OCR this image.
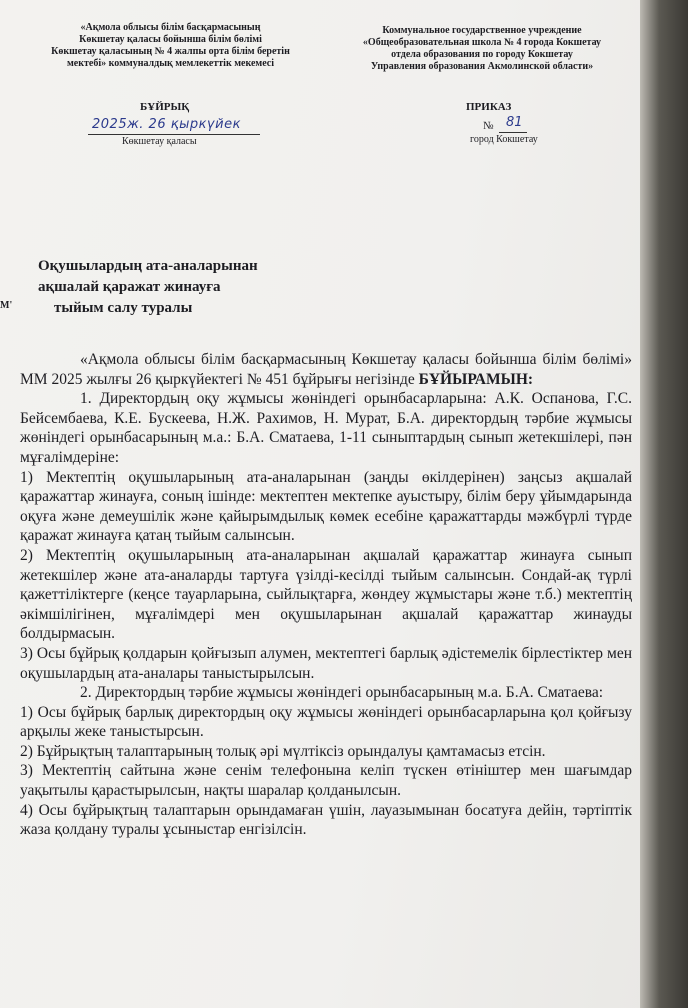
«Ақмола облысы білім басқармасының
Көкшетау қаласы бойынша білім бөлімі
Көкшетау қаласының № 4 жалпы орта білім беретін
мектебі» коммуналдық мемлекеттік мекемесі
Коммунальное государственное учреждение
«Общеобразовательная школа № 4 города Кокшетау
отдела образования по городу Кокшетау
Управления образования Акмолинской области»
БҰЙРЫҚ	ПРИКАЗ
2025ж. 26 қыркүйек
Көкшетау қаласы
№ 81
город Кокшетау
Оқушылардың ата-аналарынан
ақшалай қаражат жинауға
тыйым салу туралы
М'

«Ақмола облысы білім басқармасының Көкшетау қаласы бойынша білім бөлімі» ММ 2025 жылғы 26 қыркүйектегі № 451 бұйрығы негізінде БҰЙЫРАМЫН:

1. Директордың оқу жұмысы жөніндегі орынбасарларына: А.К. Оспанова, Г.С. Бейсембаева, К.Е. Бускеева, Н.Ж. Рахимов, Н. Мурат, Б.А. директордың тәрбие жұмысы жөніндегі орынбасарының м.а.: Б.А. Сматаева, 1-11 сыныптардың сынып жетекшілері, пән мұғалімдеріне:

1) Мектептің оқушыларының ата-аналарынан (заңды өкілдерінен) заңсыз ақшалай қаражаттар жинауға, соның ішінде: мектептен мектепке ауыстыру, білім беру ұйымдарында оқуға және демеушілік және қайырымдылық көмек есебіне қаражаттарды мәжбүрлі түрде қаражат жинауға қатаң тыйым салынсын.

2) Мектептің оқушыларының ата-аналарынан ақшалай қаражаттар жинауға сынып жетекшілер және ата-аналарды тартуға үзілді-кесілді тыйым салынсын. Сондай-ақ түрлі қажеттіліктерге (кеңсе тауарларына, сыйлықтарға, жөндеу жұмыстары және т.б.) мектептің әкімшілігінен, мұғалімдері мен оқушыларынан ақшалай қаражаттар жинауды болдырмасын.

3) Осы бұйрық қолдарын қойғызып алумен, мектептегі барлық әдістемелік бірлестіктер мен оқушылардың ата-аналары таныстырылсын.

2. Директордың тәрбие жұмысы жөніндегі орынбасарының м.а. Б.А. Сматаева:

1) Осы бұйрық барлық директордың оқу жұмысы жөніндегі орынбасарларына қол қойғызу арқылы жеке таныстырсын.

2) Бұйрықтың талаптарының толық әрі мүлтіксіз орындалуы қамтамасыз етсін.

3) Мектептің сайтына және сенім телефонына келіп түскен өтiнiштер мен шағымдар уақытылы қарастырылсын, нақты шаралар қолданылсын.

4) Осы бұйрықтың талаптарын орындамаған үшін, лауазымынан босатуға дейін, тәртiптiк жаза қолдану туралы ұсыныстар енгізілсін.
